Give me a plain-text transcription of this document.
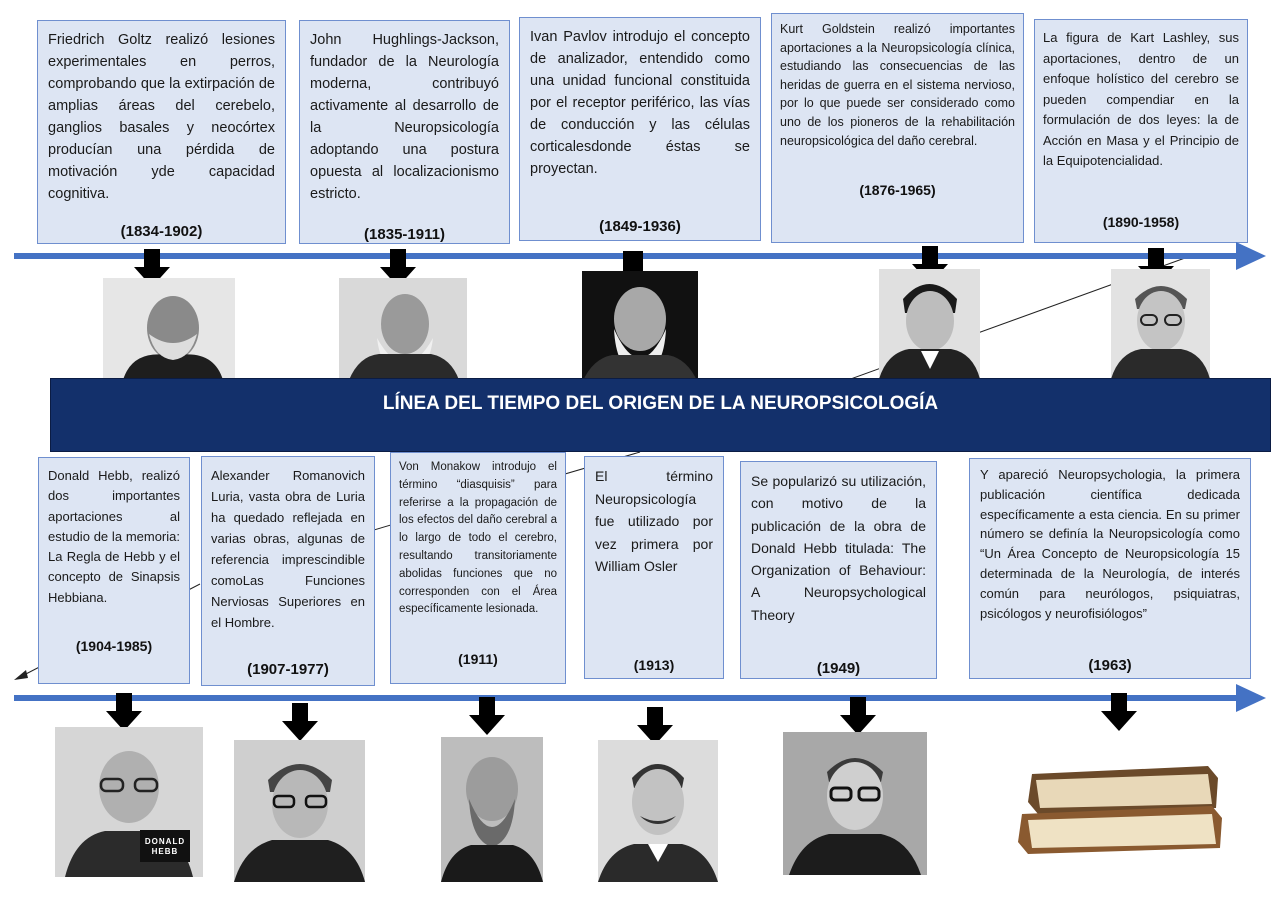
Friedrich Goltz realizó lesiones experimentales en perros, comprobando que la extirpación de amplias áreas del cerebelo, ganglios basales y neocórtex producían una pérdida de motivación yde capacidad cognitiva.

(1834-1902)

John Hughlings-Jackson, fundador de la Neurología moderna, contribuyó activamente al desarrollo de la Neuropsicología adoptando una postura opuesta al localizacionismo estricto.

(1835-1911)

Ivan Pavlov introdujo el concepto de analizador, entendido como una unidad funcional constituida por el receptor periférico, las vías de conducción y las células corticalesdonde éstas se proyectan.

(1849-1936)

Kurt Goldstein realizó importantes aportaciones a la Neuropsicología clínica, estudiando las consecuencias de las heridas de guerra en el sistema nervioso, por lo que puede ser considerado como uno de los pioneros de la rehabilitación neuropsicológica del daño cerebral.

(1876-1965)

La figura de Kart Lashley, sus aportaciones, dentro de un enfoque holístico del cerebro se pueden compendiar en la formulación de dos leyes: la de Acción en Masa y el Principio de la Equipotencialidad.

(1890-1958)
LÍNEA DEL TIEMPO DEL ORIGEN DE LA NEUROPSICOLOGÍA

Donald Hebb, realizó dos importantes aportaciones al estudio de la memoria: La Regla de Hebb y el concepto de Sinapsis Hebbiana.

(1904-1985)

Alexander Romanovich Luria, vasta obra de Luria ha quedado reflejada en varias obras, algunas de referencia imprescindible comoLas Funciones Nerviosas Superiores en el Hombre.

(1907-1977)

Von Monakow introdujo el término “diasquisis” para referirse a la propagación de los efectos del daño cerebral a lo largo de todo el cerebro, resultando transitoriamente abolidas funciones que no corresponden con el Área específicamente lesionada.

(1911)

El término Neuropsicología fue utilizado por vez primera por William Osler

(1913)

Se popularizó su utilización, con motivo de la publicación de la obra de Donald Hebb titulada: The Organization of Behaviour: A Neuropsychological Theory

(1949)

Y apareció Neuropsychologia, la primera publicación científica dedicada específicamente a esta ciencia. En su primer número se definía la Neuropsicología como “Un Área Concepto de Neuropsicología 15 determinada de la Neurología, de interés común para neurólogos, psiquiatras, psicólogos y neurofisiólogos”

(1963)
DONALD HEBB
